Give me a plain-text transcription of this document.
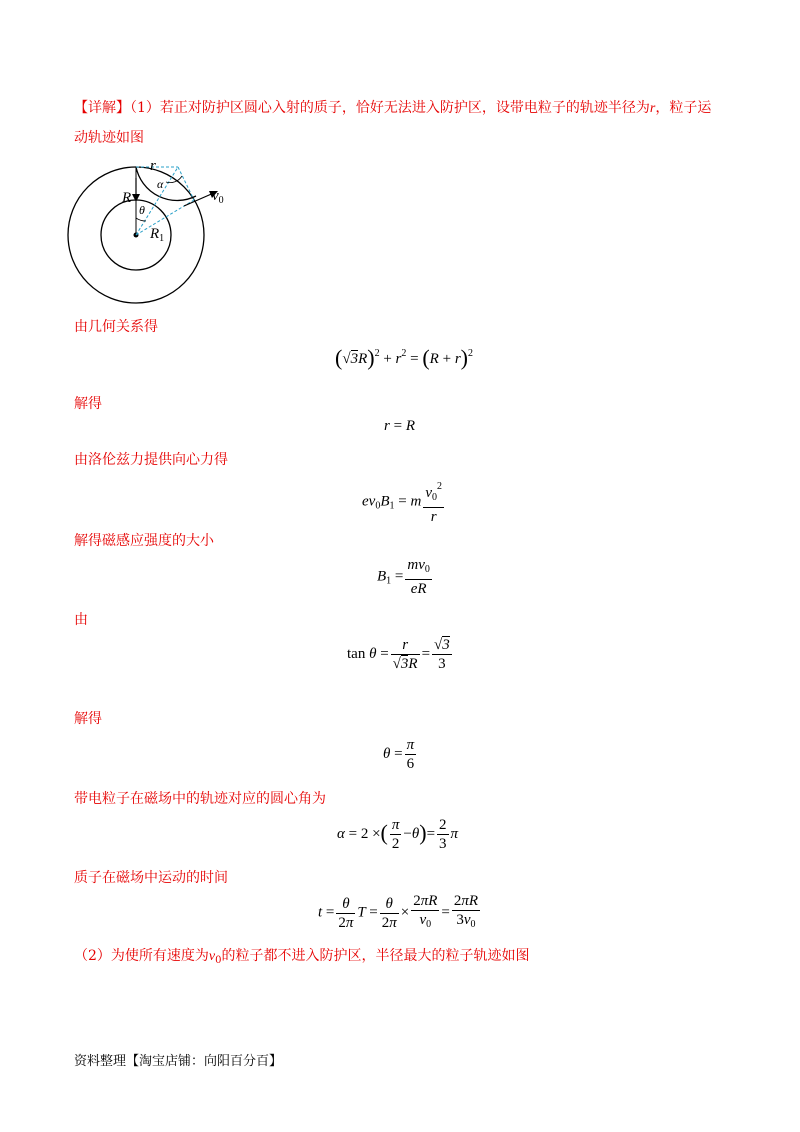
【详解】（1）若正对防护区圆心入射的质子，恰好无法进入防护区，设带电粒子的轨迹半径为r，粒子运
动轨迹如图
r
α
R
θ
$R_1$
$v_0$
由几何关系得
$(√3R)^2 + r^2 = (R + r)^2$
解得
r = R
由洛伦兹力提供向心力得
$ev_0B_1 = m \frac{v_0^2}{r}$
解得磁感应强度的大小
$B_1 = \frac{mv_0}{eR}$
由
$\tan \theta = \frac{r}{√3R} = \frac{√3}{3}$
解得
$\theta = \frac{\pi}{6}$
带电粒子在磁场中的轨迹对应的圆心角为
α = 2 ×( $\frac{\pi}{2} -\theta)= \frac{2}{3}$ π
质子在磁场中运动的时间
$t = \frac{\theta}{2\pi}$ $T = \frac{\theta}{2\pi} \times \frac{2\pi R}{v_0} = \frac{2\pi R}{3v_0}$
（2）为使所有速度为$v_0$的粒子都不进入防护区，半径最大的粒子轨迹如图
资料整理【淘宝店铺：向阳百分百】
